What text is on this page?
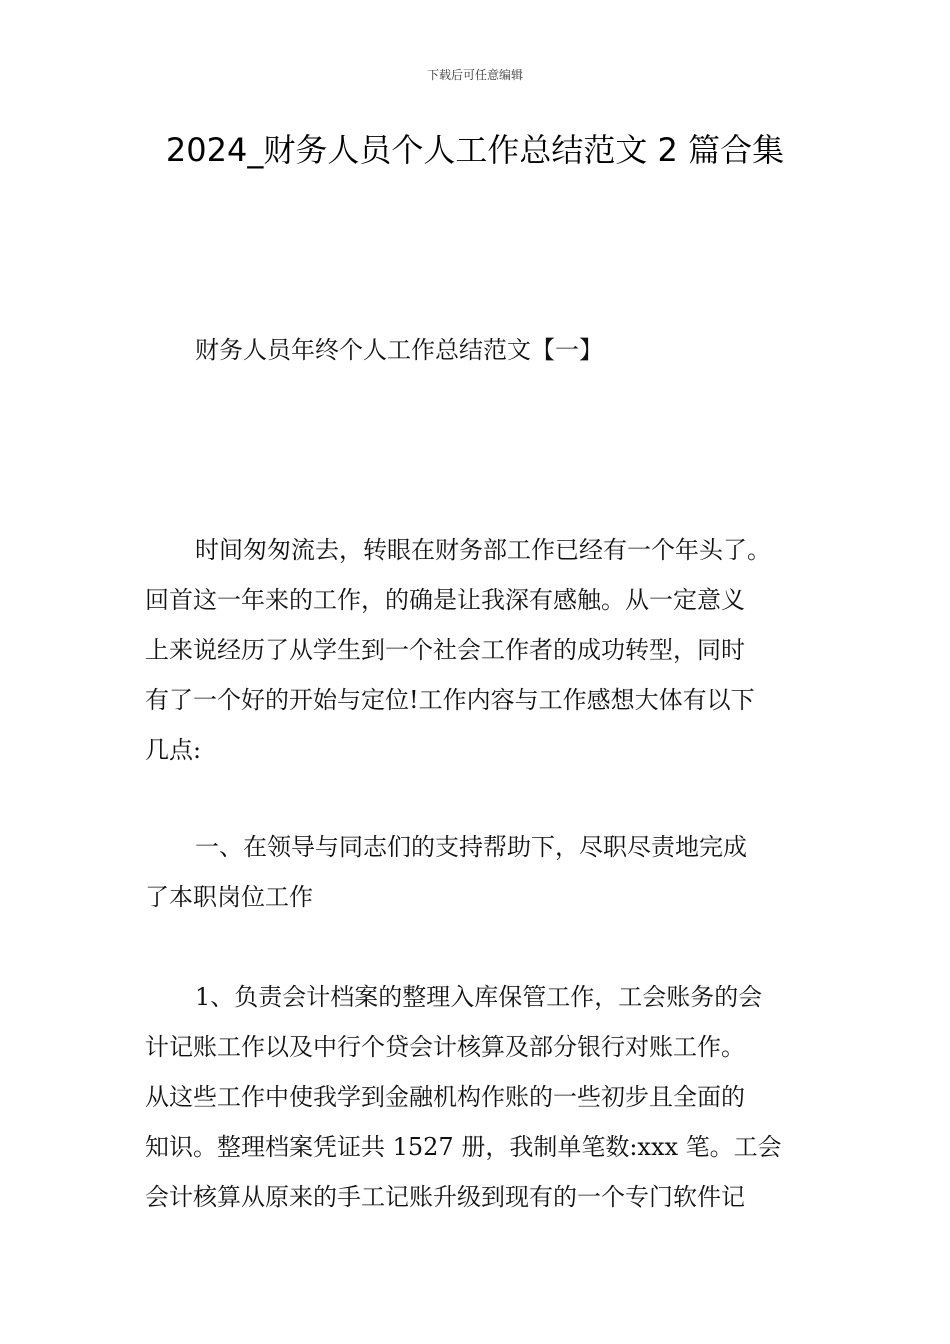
下载后可任意编辑
2024_财务人员个人工作总结范文 2 篇合集
财务人员年终个人工作总结范文【一】
时间匆匆流去，转眼在财务部工作已经有一个年头了。
回首这一年来的工作，的确是让我深有感触。从一定意义
上来说经历了从学生到一个社会工作者的成功转型，同时
有了一个好的开始与定位!工作内容与工作感想大体有以下
几点:
一、在领导与同志们的支持帮助下，尽职尽责地完成
了本职岗位工作
1、负责会计档案的整理入库保管工作，工会账务的会
计记账工作以及中行个贷会计核算及部分银行对账工作。
从这些工作中使我学到金融机构作账的一些初步且全面的
知识。整理档案凭证共 1527 册，我制单笔数:xxx 笔。工会
会计核算从原来的手工记账升级到现有的一个专门软件记
